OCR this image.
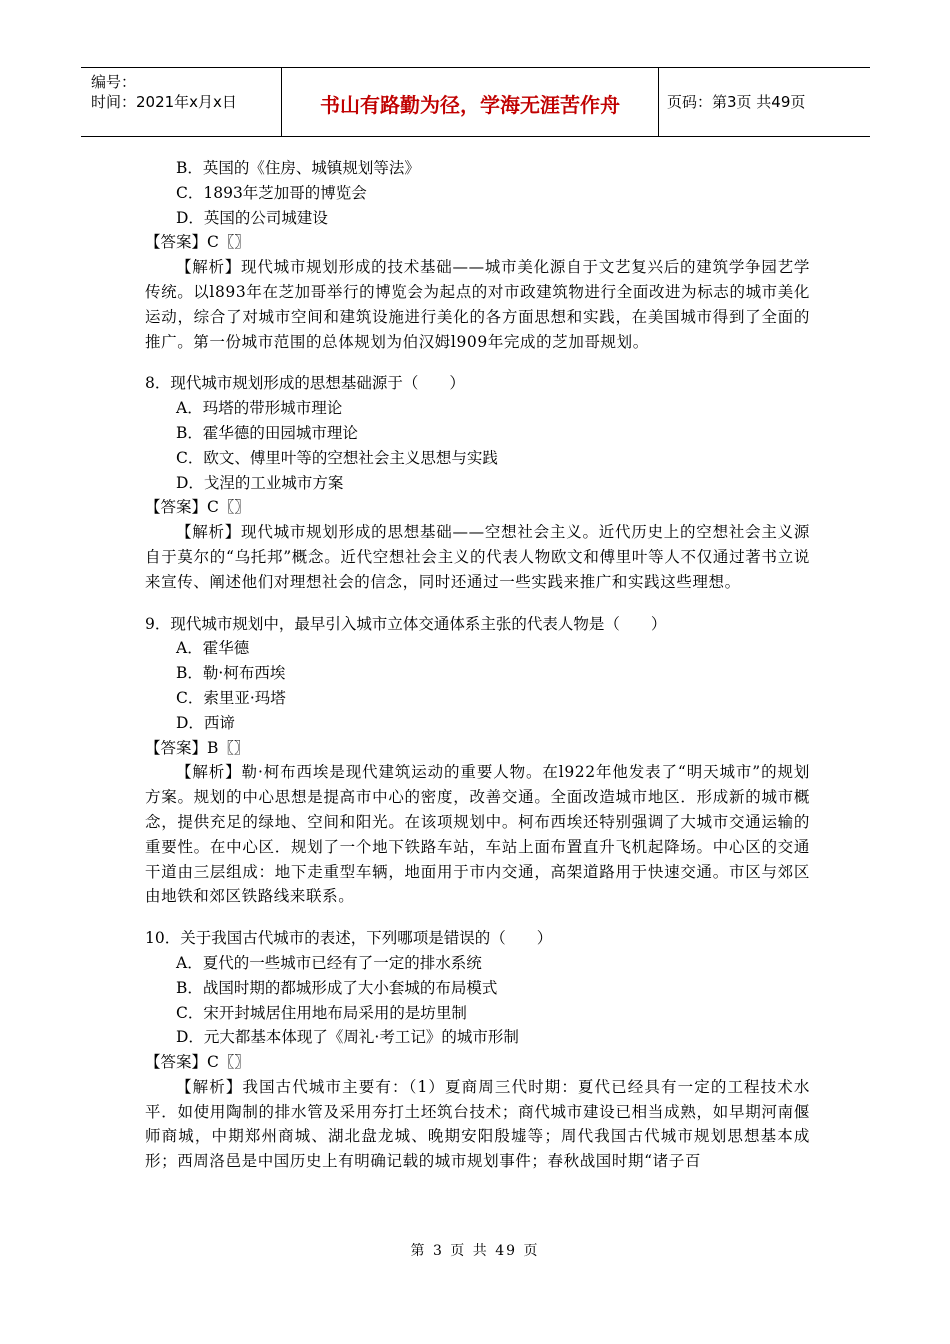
编号：
时间：2021年x月x日	书山有路勤为径，学海无涯苦作舟	页码：第3页 共49页
B．英国的《住房、城镇规划等法》
C．1893年芝加哥的博览会
D．英国的公司城建设
【答案】C〖〗

【解析】现代城市规划形成的技术基础——城市美化源自于文艺复兴后的建筑学争园艺学传统。以l893年在芝加哥举行的博览会为起点的对市政建筑物进行全面改进为标志的城市美化运动，综合了对城市空间和建筑设施进行美化的各方面思想和实践，在美国城市得到了全面的推广。第一份城市范围的总体规划为伯汉姆l909年完成的芝加哥规划。

8．现代城市规划形成的思想基础源于（　　）
A．玛塔的带形城市理论
B．霍华德的田园城市理论
C．欧文、傅里叶等的空想社会主义思想与实践
D．戈涅的工业城市方案
【答案】C〖〗

【解析】现代城市规划形成的思想基础——空想社会主义。近代历史上的空想社会主义源自于莫尔的“乌托邦”概念。近代空想社会主义的代表人物欧文和傅里叶等人不仅通过著书立说来宣传、阐述他们对理想社会的信念，同时还通过一些实践来推广和实践这些理想。

9．现代城市规划中，最早引入城市立体交通体系主张的代表人物是（　　）
A．霍华德
B．勒·柯布西埃
C．索里亚·玛塔
D．西谛
【答案】B〖〗

【解析】勒·柯布西埃是现代建筑运动的重要人物。在l922年他发表了“明天城市”的规划方案。规划的中心思想是提高市中心的密度，改善交通。全面改造城市地区．形成新的城市概念，提供充足的绿地、空间和阳光。在该项规划中。柯布西埃还特别强调了大城市交通运输的重要性。在中心区．规划了一个地下铁路车站，车站上面布置直升飞机起降场。中心区的交通干道由三层组成：地下走重型车辆，地面用于市内交通，高架道路用于快速交通。市区与郊区由地铁和郊区铁路线来联系。

10．关于我国古代城市的表述，下列哪项是错误的（　　）
A．夏代的一些城市已经有了一定的排水系统
B．战国时期的都城形成了大小套城的布局模式
C．宋开封城居住用地布局采用的是坊里制
D．元大都基本体现了《周礼·考工记》的城市形制
【答案】C〖〗

【解析】我国古代城市主要有：（1）夏商周三代时期：夏代已经具有一定的工程技术水平．如使用陶制的排水管及采用夯打土坯筑台技术；商代城市建设已相当成熟，如早期河南偃师商城，中期郑州商城、湖北盘龙城、晚期安阳殷墟等；周代我国古代城市规划思想基本成形；西周洛邑是中国历史上有明确记载的城市规划事件；春秋战国时期“诸子百

第 3 页 共 49 页
